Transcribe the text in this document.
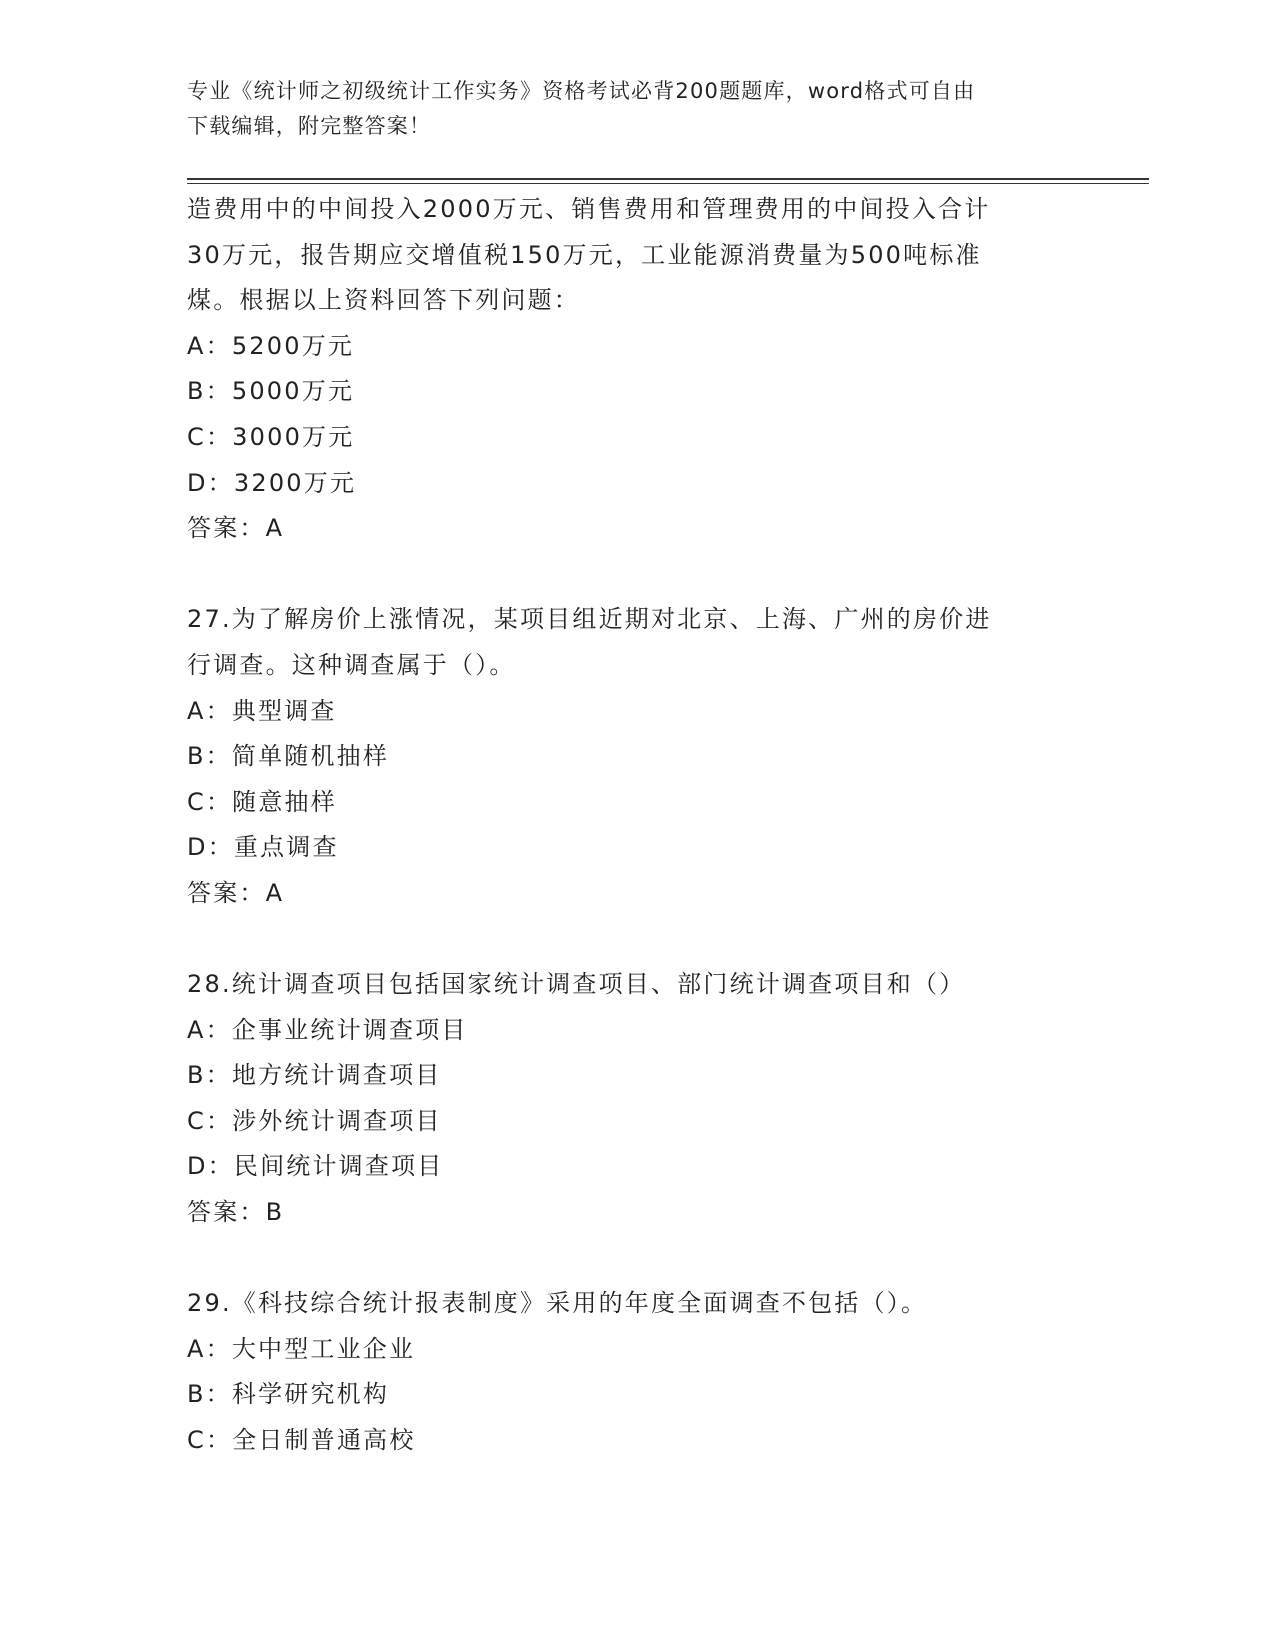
专业《统计师之初级统计工作实务》资格考试必背200题题库，word格式可自由
下载编辑，附完整答案！
造费用中的中间投入2000万元、销售费用和管理费用的中间投入合计
30万元，报告期应交增值税150万元，工业能源消费量为500吨标准
煤。根据以上资料回答下列问题：
A：5200万元
B：5000万元
C：3000万元
D：3200万元
答案：A
27.为了解房价上涨情况，某项目组近期对北京、上海、广州的房价进
行调查。这种调查属于（）。
A：典型调查
B：简单随机抽样
C：随意抽样
D：重点调查
答案：A
28.统计调查项目包括国家统计调查项目、部门统计调查项目和（）
A：企事业统计调查项目
B：地方统计调查项目
C：涉外统计调查项目
D：民间统计调查项目
答案：B
29.《科技综合统计报表制度》采用的年度全面调查不包括（）。
A：大中型工业企业
B：科学研究机构
C：全日制普通高校
